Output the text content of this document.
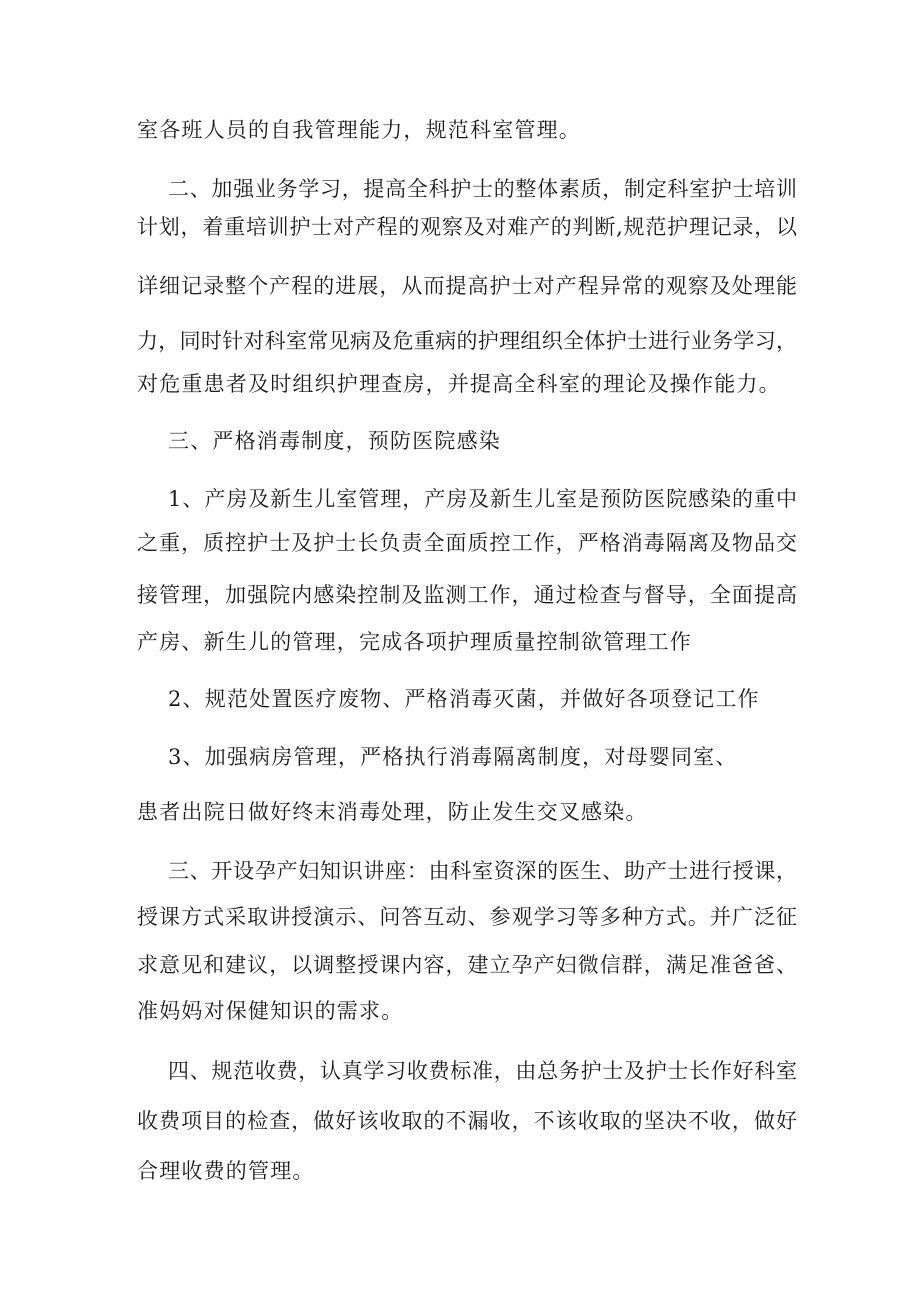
室各班人员的自我管理能力，规范科室管理。
二、加强业务学习，提高全科护士的整体素质，制定科室护士培训
计划，着重培训护士对产程的观察及对难产的判断,规范护理记录，以
详细记录整个产程的进展，从而提高护士对产程异常的观察及处理能
力，同时针对科室常见病及危重病的护理组织全体护士进行业务学习，
对危重患者及时组织护理查房，并提高全科室的理论及操作能力。
三、严格消毒制度，预防医院感染
1、产房及新生儿室管理，产房及新生儿室是预防医院感染的重中
之重，质控护士及护士长负责全面质控工作，严格消毒隔离及物品交
接管理，加强院内感染控制及监测工作，通过检查与督导，全面提高
产房、新生儿的管理，完成各项护理质量控制欲管理工作
2、规范处置医疗废物、严格消毒灭菌，并做好各项登记工作
3、加强病房管理，严格执行消毒隔离制度，对母婴同室、
患者出院日做好终末消毒处理，防止发生交叉感染。
三、开设孕产妇知识讲座：由科室资深的医生、助产士进行授课，
授课方式采取讲授演示、问答互动、参观学习等多种方式。并广泛征
求意见和建议，以调整授课内容，建立孕产妇微信群，满足准爸爸、
准妈妈对保健知识的需求。
四、规范收费，认真学习收费标准，由总务护士及护士长作好科室
收费项目的检查，做好该收取的不漏收，不该收取的坚决不收，做好
合理收费的管理。
